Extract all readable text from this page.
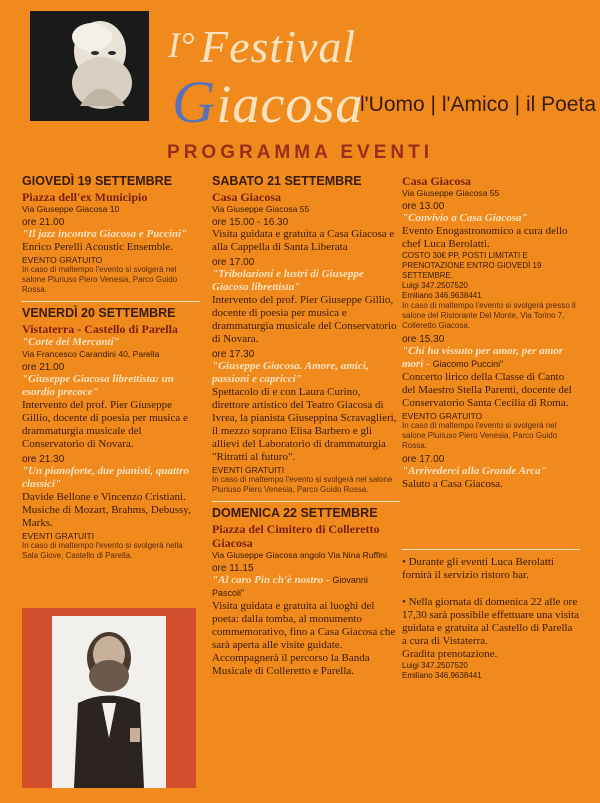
I° Festival
Giacosa
l'Uomo | l'Amico | il Poeta
PROGRAMMA EVENTI
GIOVEDÌ 19 SETTEMBRE
Piazza dell'ex Municipio
Via Giuseppe Giacosa 10
ore 21.00
"Il jazz incontra Giacosa e Puccini"
Enrico Perelli Acoustic Ensemble.
EVENTO GRATUITO
In caso di maltempo l'evento si svolgerà nel salone Pluriuso Piero Venesia, Parco Guido Rossa.
VENERDÌ 20 SETTEMBRE
Vistaterra - Castello di Parella
"Corte dei Mercanti"
Via Francesco Carandini 40, Parella
ore 21.00
"Giuseppe Giacosa librettista: un esordio precoce"
Intervento del prof. Pier Giuseppe Gillio, docente di poesia per musica e drammaturgia musicale del Conservatorio di Novara.
ore 21.30
"Un pianoforte, due pianisti, quattro classici"
Davide Bellone e Vincenzo Cristiani. Musiche di Mozart, Brahms, Debussy, Marks.
EVENTI GRATUITI
In caso di maltempo l'evento si svolgerà nella Sala Giove, Castello di Parella.
SABATO 21 SETTEMBRE
Casa Giacosa
Via Giuseppe Giacosa 55
ore 15.00 - 16.30
Visita guidata e gratuita a Casa Giacosa e alla Cappella di Santa Liberata
ore 17.00
"Tribolazioni e lustri di Giuseppe Giacosa librettista"
Intervento del prof. Pier Giuseppe Gillio, docente di poesia per musica e drammaturgia musicale del Conservatorio di Novara.
ore 17.30
"Giuseppe Giacosa. Amore, amici, passioni e capricci"
Spettacolo di e con Laura Curino, direttore artistico del Teatro Giacosa di Ivrea, la pianista Giuseppina Scravaglieri, il mezzo soprano Elisa Barbero e gli allievi del Laboratorio di drammaturgia "Ritratti al futuro".
EVENTI GRATUITI
In caso di maltempo l'evento si svolgerà nel salone Pluriuso Piero Venesia, Parco Guido Rossa.
DOMENICA 22 SETTEMBRE
Piazza del Cimitero di Colleretto Giacosa
Via Giuseppe Giacosa angolo Via Nina Ruffini
ore 11.15
"Al caro Pin ch'è nostro - Giovanni Pascoli"
Visita guidata e gratuita ai luoghi del poeta: dalla tomba, al monumento commemorativo, fino a Casa Giacosa che sarà aperta alle visite guidate. Accompagnerà il percorso la Banda Musicale di Colleretto e Parella.
Casa Giacosa
Via Giuseppe Giacosa 55
ore 13.00
"Convivio a Casa Giacosa"
Evento Enogastronomico a cura dello chef Luca Berolatti.
COSTO 30€ PP, POSTI LIMITATI E PRENOTAZIONE ENTRO GIOVEDÌ 19 SETTEMBRE.
Luigi 347.2507520
Emiliano 346.9638441
In caso di maltempo l'evento si svolgerà presso il salone del Ristorante Del Monte, Via Torino 7, Colleretto Giacosa.
ore 15.30
"Chi ha vissuto per amor, per amor morì - Giacomo Puccini"
Concerto lirico della Classe di Canto del Maestro Stella Parenti, docente del Conservatorio Santa Cecilia di Roma.
EVENTO GRATUITO
In caso di maltempo l'evento si svolgerà nel salone Pluriuso Piero Venesia, Parco Guido Rossa.
ore 17.00
"Arrivederci alla Grande Arca"
Saluto a Casa Giacosa.
• Durante gli eventi Luca Berolatti fornirà il servizio ristoro bar.
• Nella giornata di domenica 22 alle ore 17,30 sarà possibile effettuare una visita guidata e gratuita al Castello di Parella a cura di Vistaterra.
Gradita prenotazione.
Luigi 347.2507520
Emiliano 346.9638441
